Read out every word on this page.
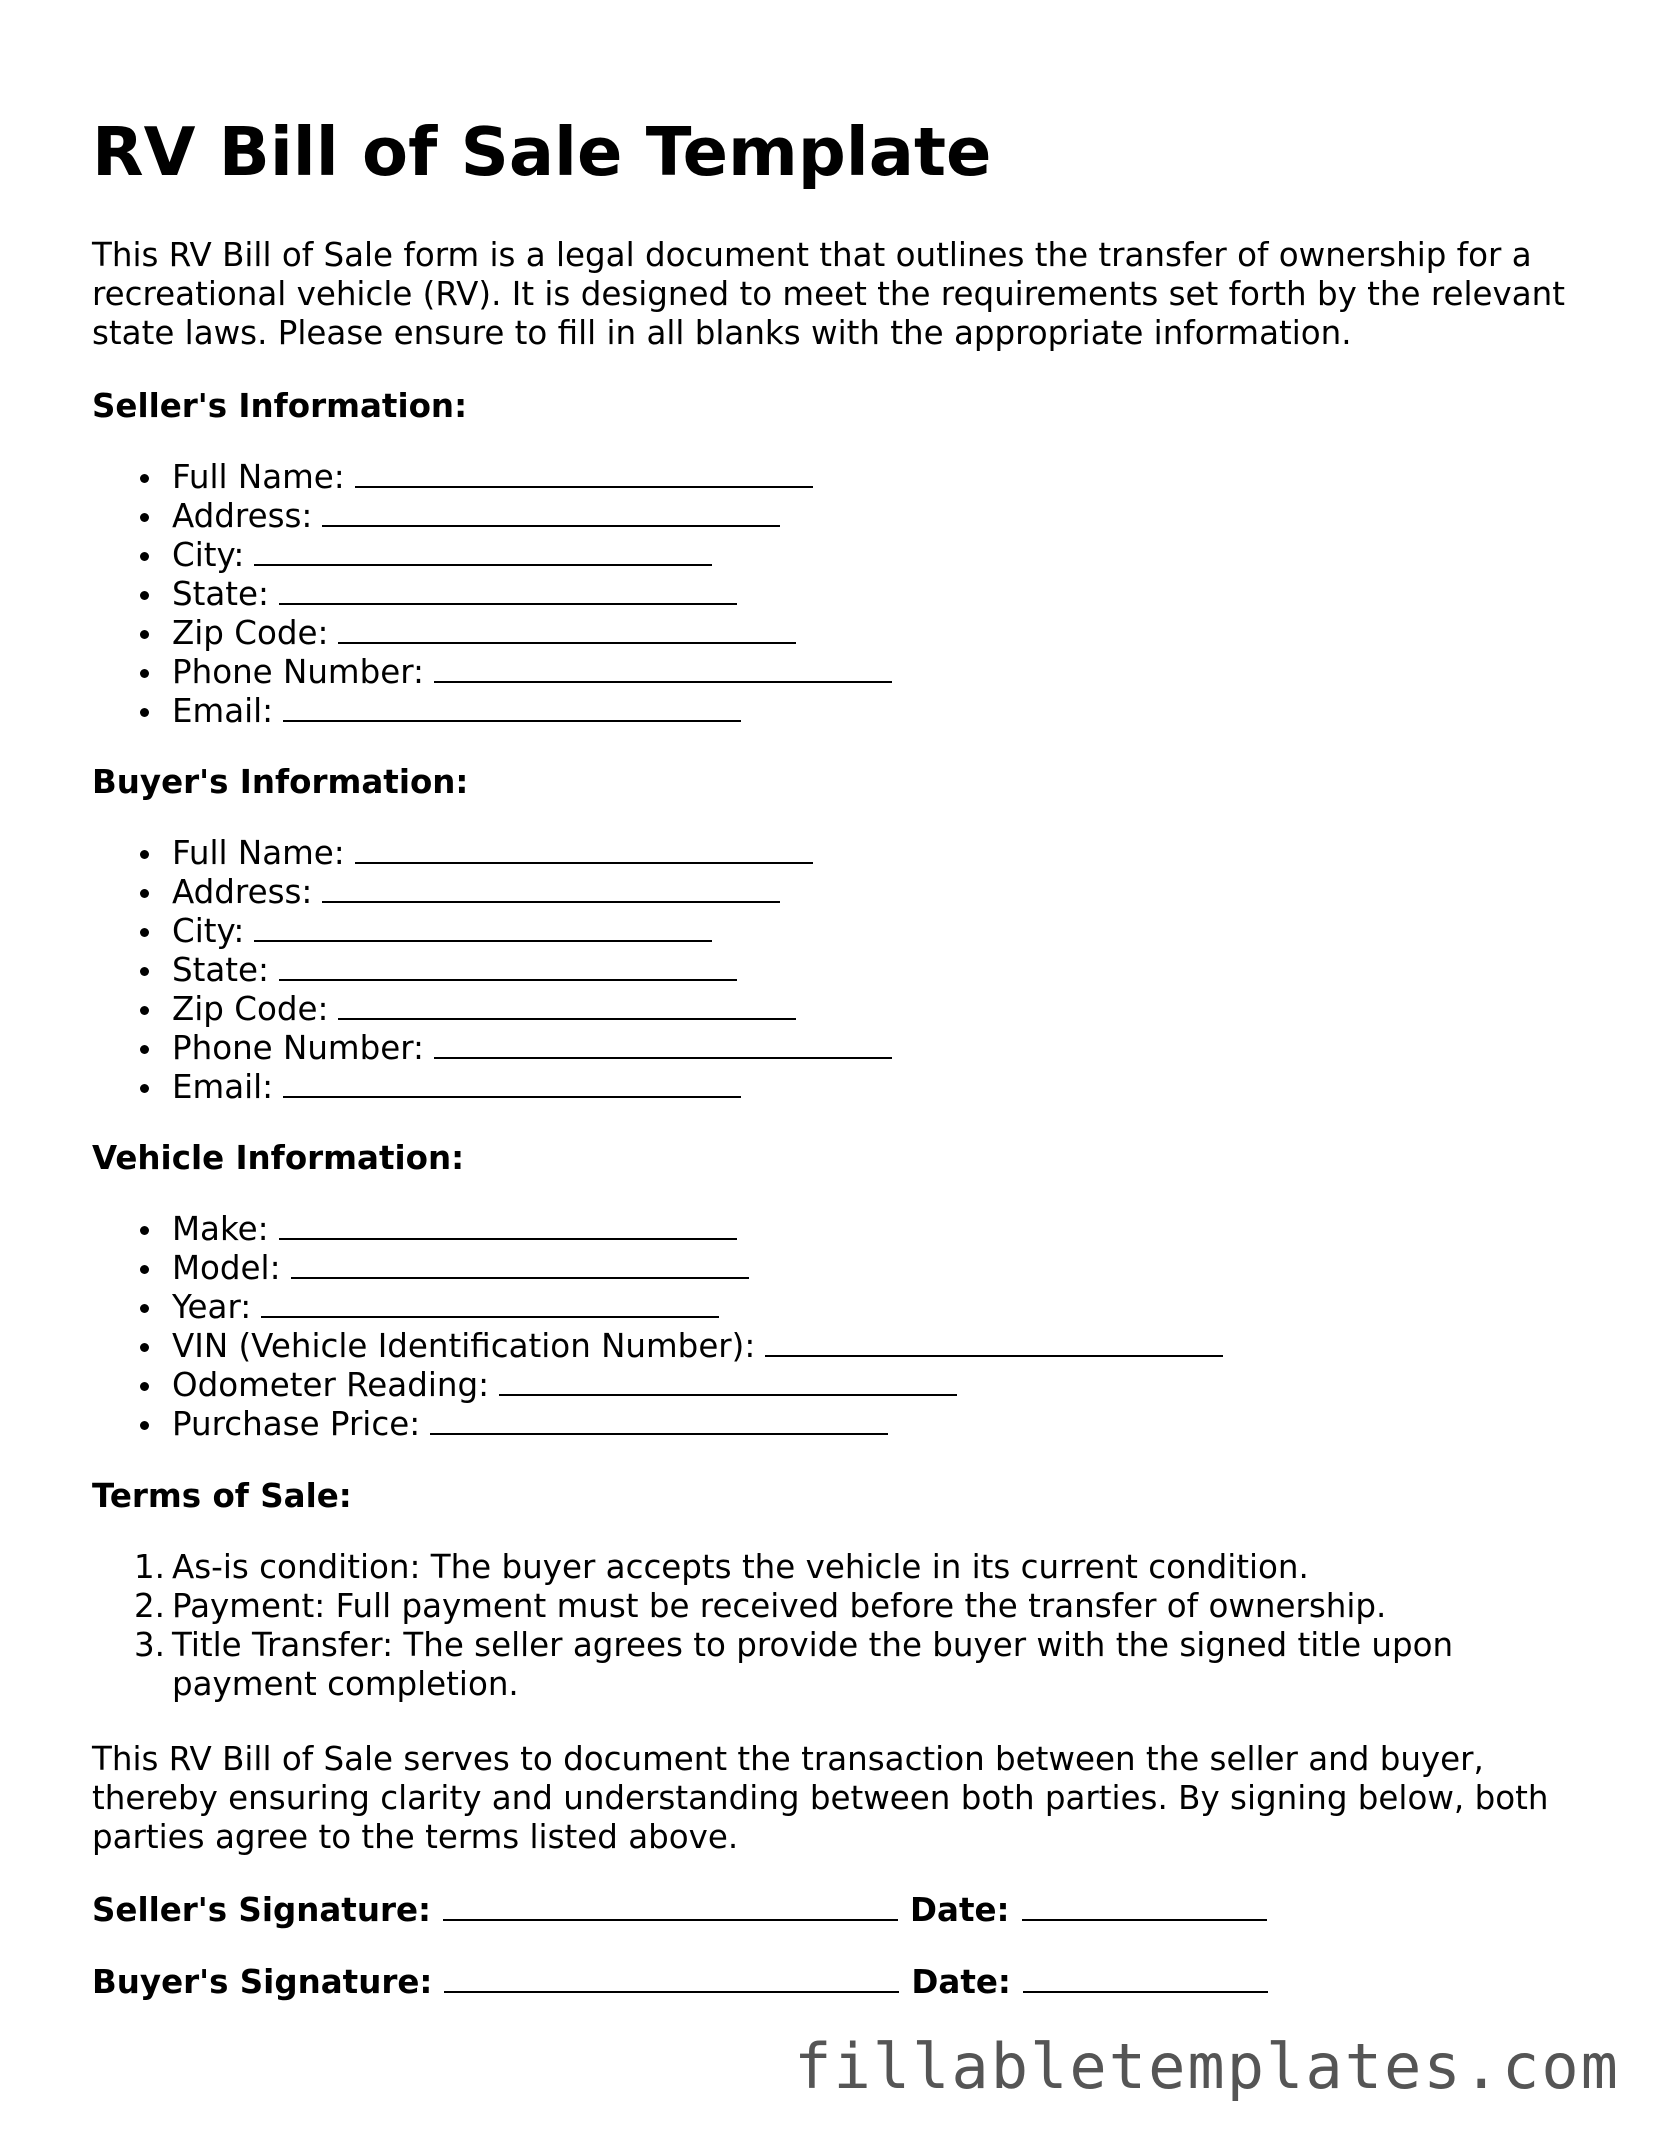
RV Bill of Sale Template

This RV Bill of Sale form is a legal document that outlines the transfer of ownership for a
recreational vehicle (RV). It is designed to meet the requirements set forth by the relevant
state laws. Please ensure to fill in all blanks with the appropriate information.

Seller's Information:
Full Name:
Address:
City:
State:
Zip Code:
Phone Number:
Email:
Buyer's Information:
Full Name:
Address:
City:
State:
Zip Code:
Phone Number:
Email:
Vehicle Information:
Make:
Model:
Year:
VIN (Vehicle Identification Number):
Odometer Reading:
Purchase Price:
Terms of Sale:
1. As-is condition: The buyer accepts the vehicle in its current condition.
2. Payment: Full payment must be received before the transfer of ownership.
3. Title Transfer: The seller agrees to provide the buyer with the signed title upon
payment completion.

This RV Bill of Sale serves to document the transaction between the seller and buyer,
thereby ensuring clarity and understanding between both parties. By signing below, both
parties agree to the terms listed above.

Seller's Signature:	Date:
Buyer's Signature:	Date:
fillabletemplates.com
